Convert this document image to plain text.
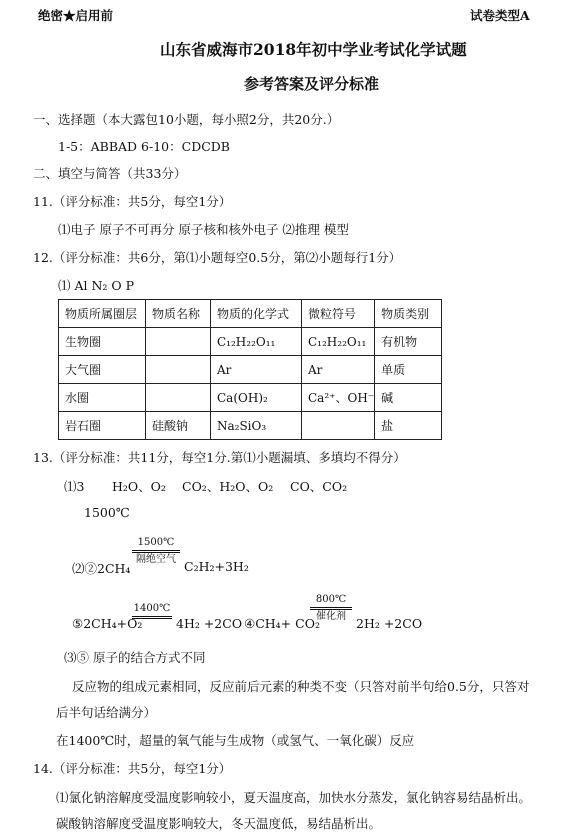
绝密★启用前	试卷类型A
山东省威海市2018年初中学业考试化学试题
参考答案及评分标准
一、选择题（本大露包10小题，每小照2分，共20分.）
1-5：ABBAD 6-10：CDCDB
二、填空与简答（共33分）
11.（评分标准：共5分，每空1分）
⑴电子 原子不可再分 原子核和核外电子 ⑵推理 模型
12.（评分标准：共6分，第⑴小题每空0.5分，第⑵小题每行1分）
⑴ Al N₂ O P
物质所属圈层	物质名称	物质的化学式	微粒符号	物质类别
生物圈		C₁₂H₂₂O₁₁	C₁₂H₂₂O₁₁	有机物
大气圈		Ar	Ar	单质
水圈		Ca(OH)₂	Ca²⁺、OH⁻	碱
岩石圈	硅酸钠	Na₂SiO₃		盐
13.（评分标准：共11分，每空1分.第⑴小题漏填、多填均不得分）
⑴3 H₂O、O₂ CO₂、H₂O、O₂ CO、CO₂
1500℃
⑵②2CH₄
1500℃
隔绝空气 C₂H₂+3H₂
⑤2CH₄+O₂
1400℃
4H₂ +2CO ④CH₄+ CO₂
800℃
催化剂 2H₂ +2CO
⑶⑤ 原子的结合方式不同
反应物的组成元素相同，反应前后元素的种类不变（只答对前半句给0.5分，只答对
后半句话给满分）
在1400℃时，超量的氧气能与生成物（或氢气、一氧化碳）反应
14.（评分标准：共5分，每空1分）
⑴氯化钠溶解度受温度影响较小，夏天温度高，加快水分蒸发，氯化钠容易结晶析出。
碳酸钠溶解度受温度影响较大，冬天温度低，易结晶析出。
